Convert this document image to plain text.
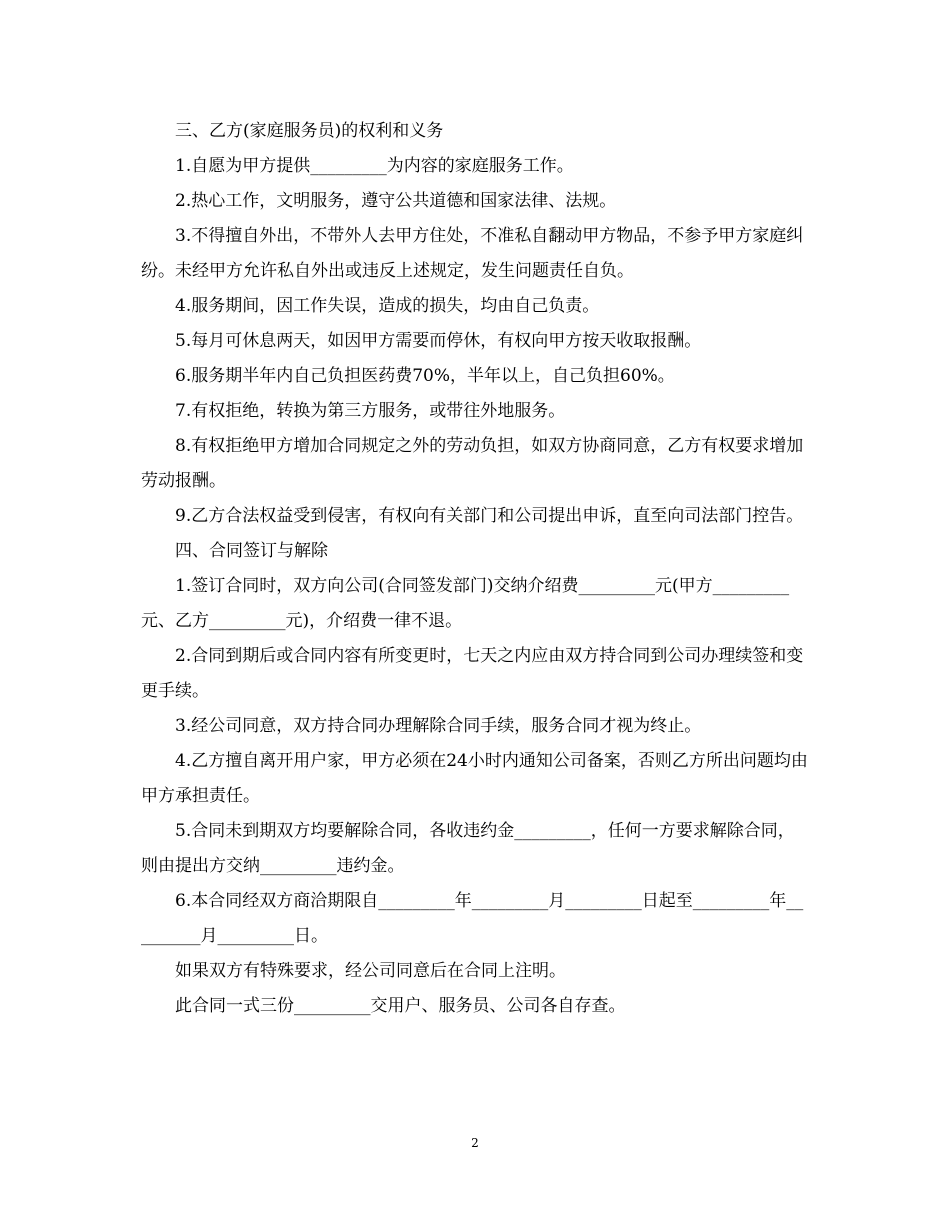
三、乙方(家庭服务员)的权利和义务

1.自愿为甲方提供_________为内容的家庭服务工作。

2.热心工作，文明服务，遵守公共道德和国家法律、法规。

3.不得擅自外出，不带外人去甲方住处，不准私自翻动甲方物品，不参予甲方家庭纠纷。未经甲方允许私自外出或违反上述规定，发生问题责任自负。

4.服务期间，因工作失误，造成的损失，均由自己负责。

5.每月可休息两天，如因甲方需要而停休，有权向甲方按天收取报酬。

6.服务期半年内自己负担医药费70%，半年以上，自己负担60%。

7.有权拒绝，转换为第三方服务，或带往外地服务。

8.有权拒绝甲方增加合同规定之外的劳动负担，如双方协商同意，乙方有权要求增加劳动报酬。

9.乙方合法权益受到侵害，有权向有关部门和公司提出申诉，直至向司法部门控告。

四、合同签订与解除

1.签订合同时，双方向公司(合同签发部门)交纳介绍费_________元(甲方_________元、乙方_________元)，介绍费一律不退。

2.合同到期后或合同内容有所变更时，七天之内应由双方持合同到公司办理续签和变更手续。

3.经公司同意，双方持合同办理解除合同手续，服务合同才视为终止。

4.乙方擅自离开用户家，甲方必须在24小时内通知公司备案，否则乙方所出问题均由甲方承担责任。

5.合同未到期双方均要解除合同，各收违约金_________，任何一方要求解除合同，则由提出方交纳_________违约金。

6.本合同经双方商洽期限自_________年_________月_________日起至_________年_________月_________日。

如果双方有特殊要求，经公司同意后在合同上注明。

此合同一式三份_________交用户、服务员、公司各自存查。

2
